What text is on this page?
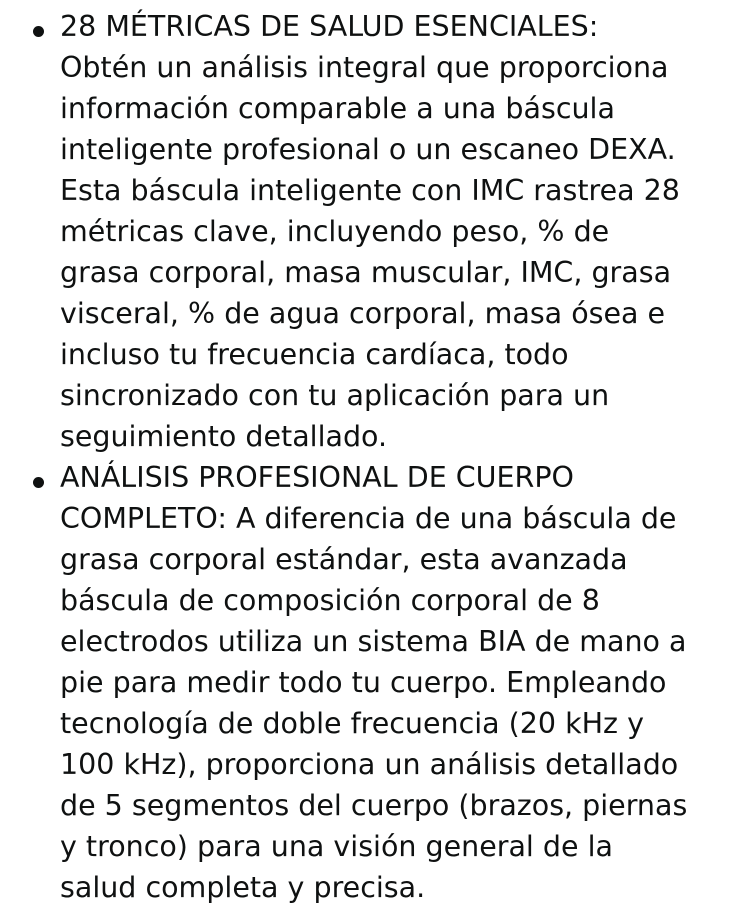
28 MÉTRICAS DE SALUD ESENCIALES:
Obtén un análisis integral que proporciona
información comparable a una báscula
inteligente profesional o un escaneo DEXA.
Esta báscula inteligente con IMC rastrea 28
métricas clave, incluyendo peso, % de
grasa corporal, masa muscular, IMC, grasa
visceral, % de agua corporal, masa ósea e
incluso tu frecuencia cardíaca, todo
sincronizado con tu aplicación para un
seguimiento detallado.
ANÁLISIS PROFESIONAL DE CUERPO
COMPLETO: A diferencia de una báscula de
grasa corporal estándar, esta avanzada
báscula de composición corporal de 8
electrodos utiliza un sistema BIA de mano a
pie para medir todo tu cuerpo. Empleando
tecnología de doble frecuencia (20 kHz y
100 kHz), proporciona un análisis detallado
de 5 segmentos del cuerpo (brazos, piernas
y tronco) para una visión general de la
salud completa y precisa.
